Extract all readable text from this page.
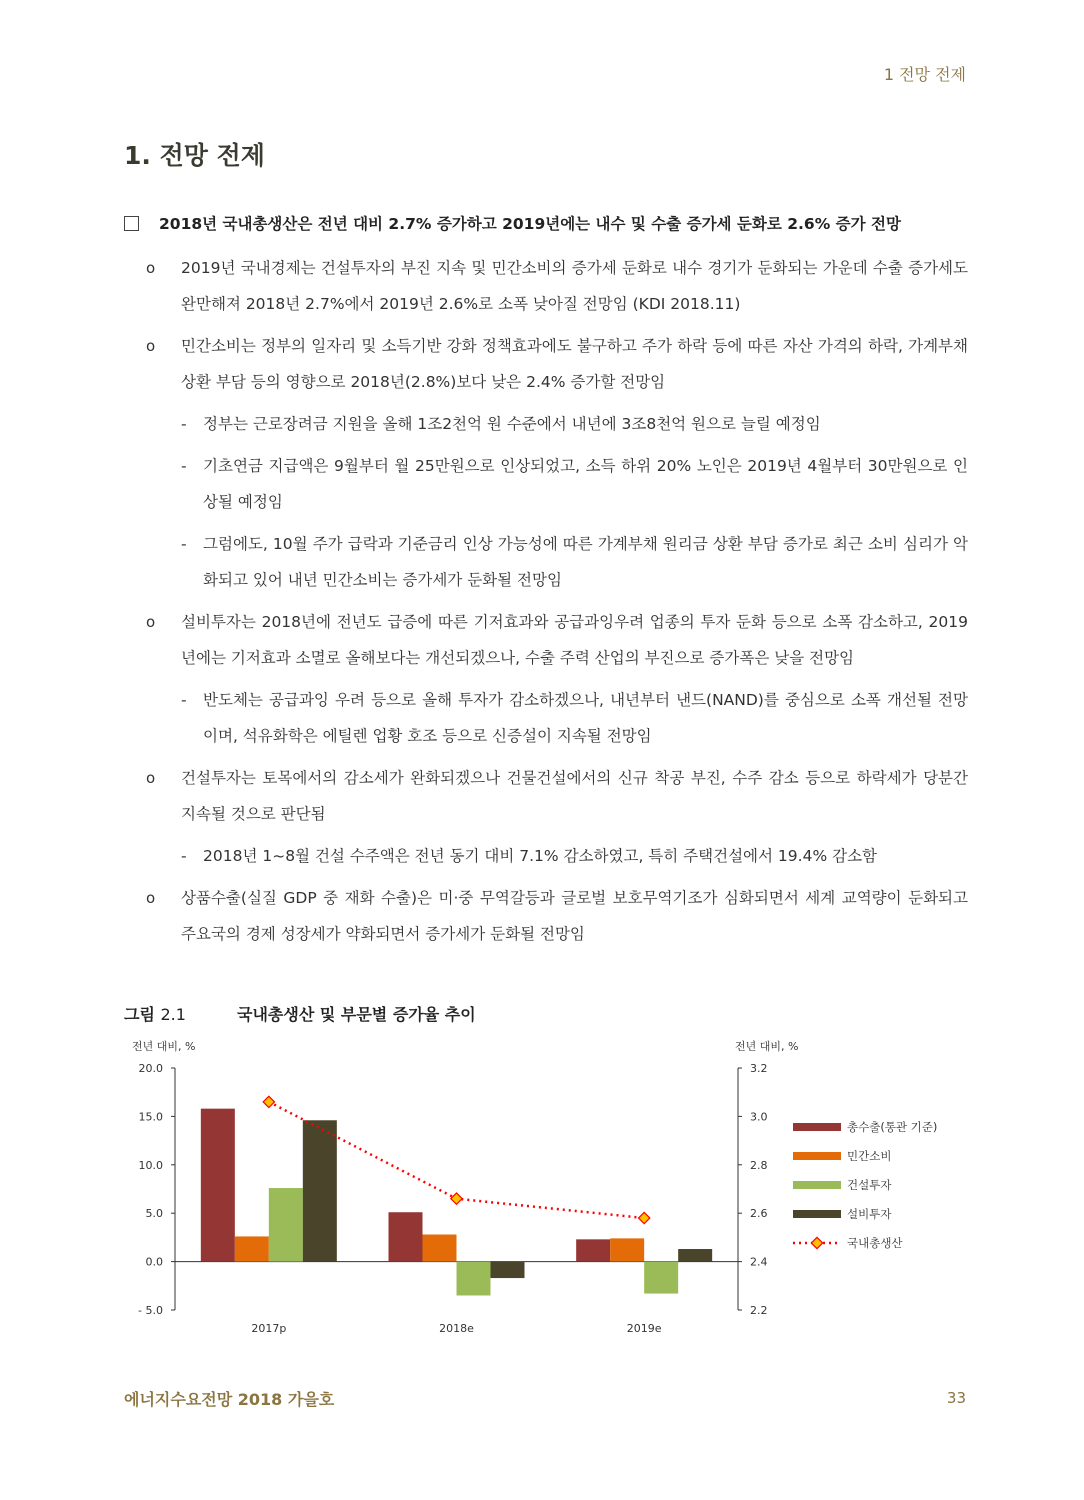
1 전망 전제
1. 전망 전제
2018년 국내총생산은 전년 대비 2.7% 증가하고 2019년에는 내수 및 수출 증가세 둔화로 2.6% 증가 전망
o 2019년 국내경제는 건설투자의 부진 지속 및 민간소비의 증가세 둔화로 내수 경기가 둔화되는 가운데 수출 증가세도 완만해져 2018년 2.7%에서 2019년 2.6%로 소폭 낮아질 전망임 (KDI 2018.11)
o 민간소비는 정부의 일자리 및 소득기반 강화 정책효과에도 불구하고 주가 하락 등에 따른 자산 가격의 하락, 가계부채 상환 부담 등의 영향으로 2018년(2.8%)보다 낮은 2.4% 증가할 전망임
- 정부는 근로장려금 지원을 올해 1조2천억 원 수준에서 내년에 3조8천억 원으로 늘릴 예정임
- 기초연금 지급액은 9월부터 월 25만원으로 인상되었고, 소득 하위 20% 노인은 2019년 4월부터 30만원으로 인상될 예정임
- 그럼에도, 10월 주가 급락과 기준금리 인상 가능성에 따른 가계부채 원리금 상환 부담 증가로 최근 소비 심리가 악화되고 있어 내년 민간소비는 증가세가 둔화될 전망임
o 설비투자는 2018년에 전년도 급증에 따른 기저효과와 공급과잉우려 업종의 투자 둔화 등으로 소폭 감소하고, 2019년에는 기저효과 소멸로 올해보다는 개선되겠으나, 수출 주력 산업의 부진으로 증가폭은 낮을 전망임
- 반도체는 공급과잉 우려 등으로 올해 투자가 감소하겠으나, 내년부터 낸드(NAND)를 중심으로 소폭 개선될 전망이며, 석유화학은 에틸렌 업황 호조 등으로 신증설이 지속될 전망임
o 건설투자는 토목에서의 감소세가 완화되겠으나 건물건설에서의 신규 착공 부진, 수주 감소 등으로 하락세가 당분간 지속될 것으로 판단됨
- 2018년 1~8월 건설 수주액은 전년 동기 대비 7.1% 감소하였고, 특히 주택건설에서 19.4% 감소함
o 상품수출(실질 GDP 중 재화 수출)은 미·중 무역갈등과 글로벌 보호무역기조가 심화되면서 세계 교역량이 둔화되고 주요국의 경제 성장세가 약화되면서 증가세가 둔화될 전망임
그림 2.1	국내총생산 및 부문별 증가율 추이
전년 대비, %	전년 대비, %
20.0
15.0
10.0
5.0
0.0
- 5.0
3.2
3.0
2.8
2.6
2.4
2.2
2017p	2018e	2019e
총수출(통관 기준)
민간소비
건설투자
설비투자
국내총생산
에너지수요전망 2018 가을호	33
